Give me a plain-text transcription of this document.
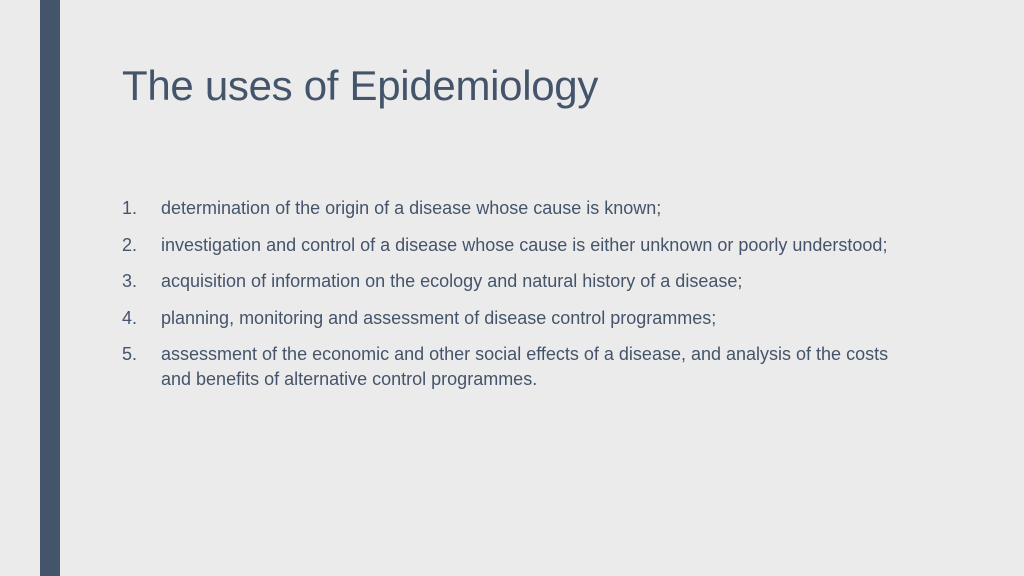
The uses of Epidemiology
1.	determination of the origin of a disease whose cause is known;
2.	investigation and control of a disease whose cause is either unknown or poorly understood;
3.	acquisition of information on the ecology and natural history of a disease;
4.	planning, monitoring and assessment of disease control programmes;
5.	assessment of the economic and other social effects of a disease, and analysis of the costs and benefits of alternative control programmes.
